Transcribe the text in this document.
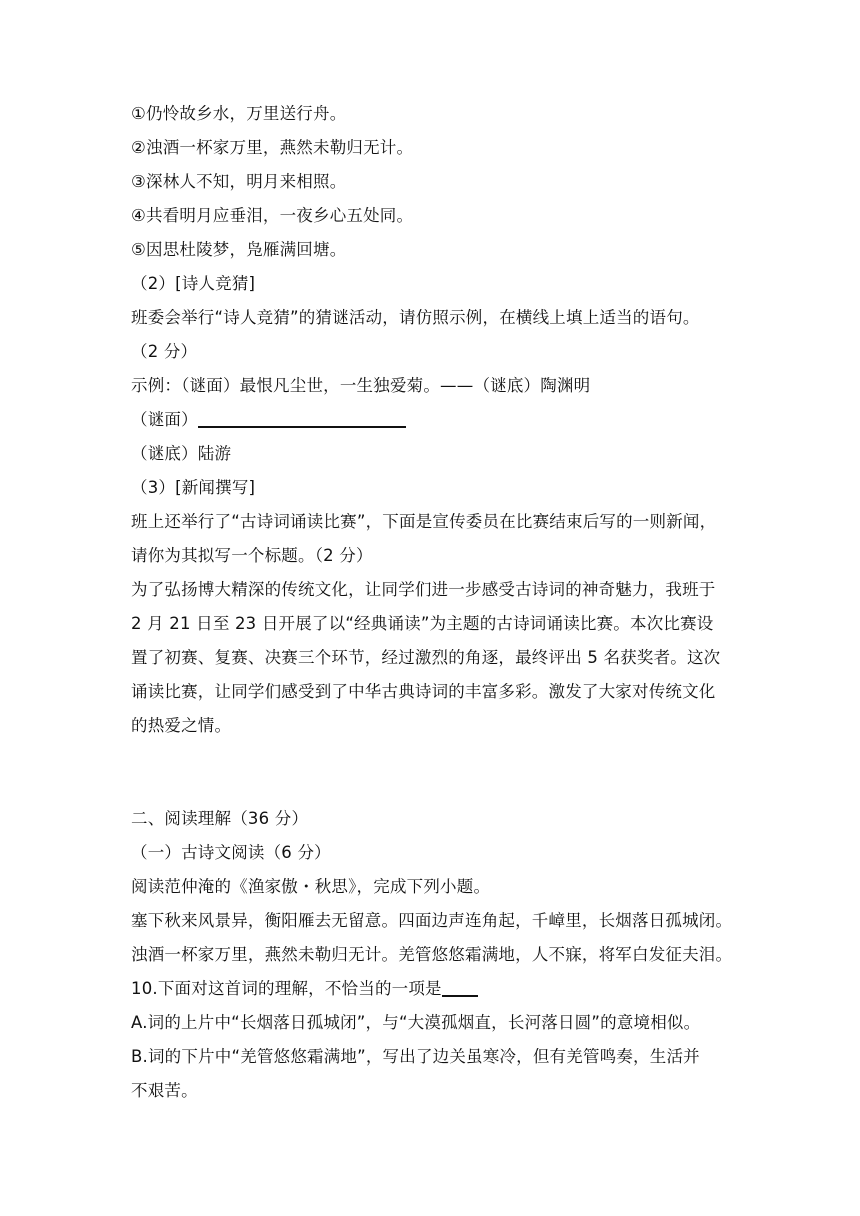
①仍怜故乡水，万里送行舟。
②浊酒一杯家万里，燕然未勒归无计。
③深林人不知，明月来相照。
④共看明月应垂泪，一夜乡心五处同。
⑤因思杜陵梦，凫雁满回塘。
（2）[诗人竞猜]
班委会举行“诗人竞猜”的猜谜活动，请仿照示例，在横线上填上适当的语句。
（2 分）
示例：（谜面）最恨凡尘世，一生独爱菊。——（谜底）陶渊明
（谜面）
（谜底）陆游
（3）[新闻撰写]
班上还举行了“古诗词诵读比赛”，下面是宣传委员在比赛结束后写的一则新闻，
请你为其拟写一个标题。（2 分）
为了弘扬博大精深的传统文化，让同学们进一步感受古诗词的神奇魅力，我班于
2 月 21 日至 23 日开展了以“经典诵读”为主题的古诗词诵读比赛。本次比赛设
置了初赛、复赛、决赛三个环节，经过激烈的角逐，最终评出 5 名获奖者。这次
诵读比赛，让同学们感受到了中华古典诗词的丰富多彩。激发了大家对传统文化
的热爱之情。
二、阅读理解（36 分）
（一）古诗文阅读（6 分）
阅读范仲淹的《渔家傲・秋思》，完成下列小题。
塞下秋来风景异，衡阳雁去无留意。四面边声连角起，千嶂里，长烟落日孤城闭。
浊酒一杯家万里，燕然未勒归无计。羌管悠悠霜满地，人不寐，将军白发征夫泪。
10.下面对这首词的理解，不恰当的一项是
A.词的上片中“长烟落日孤城闭”，与“大漠孤烟直，长河落日圆”的意境相似。
B.词的下片中“羌管悠悠霜满地”，写出了边关虽寒冷，但有羌管鸣奏，生活并
不艰苦。
